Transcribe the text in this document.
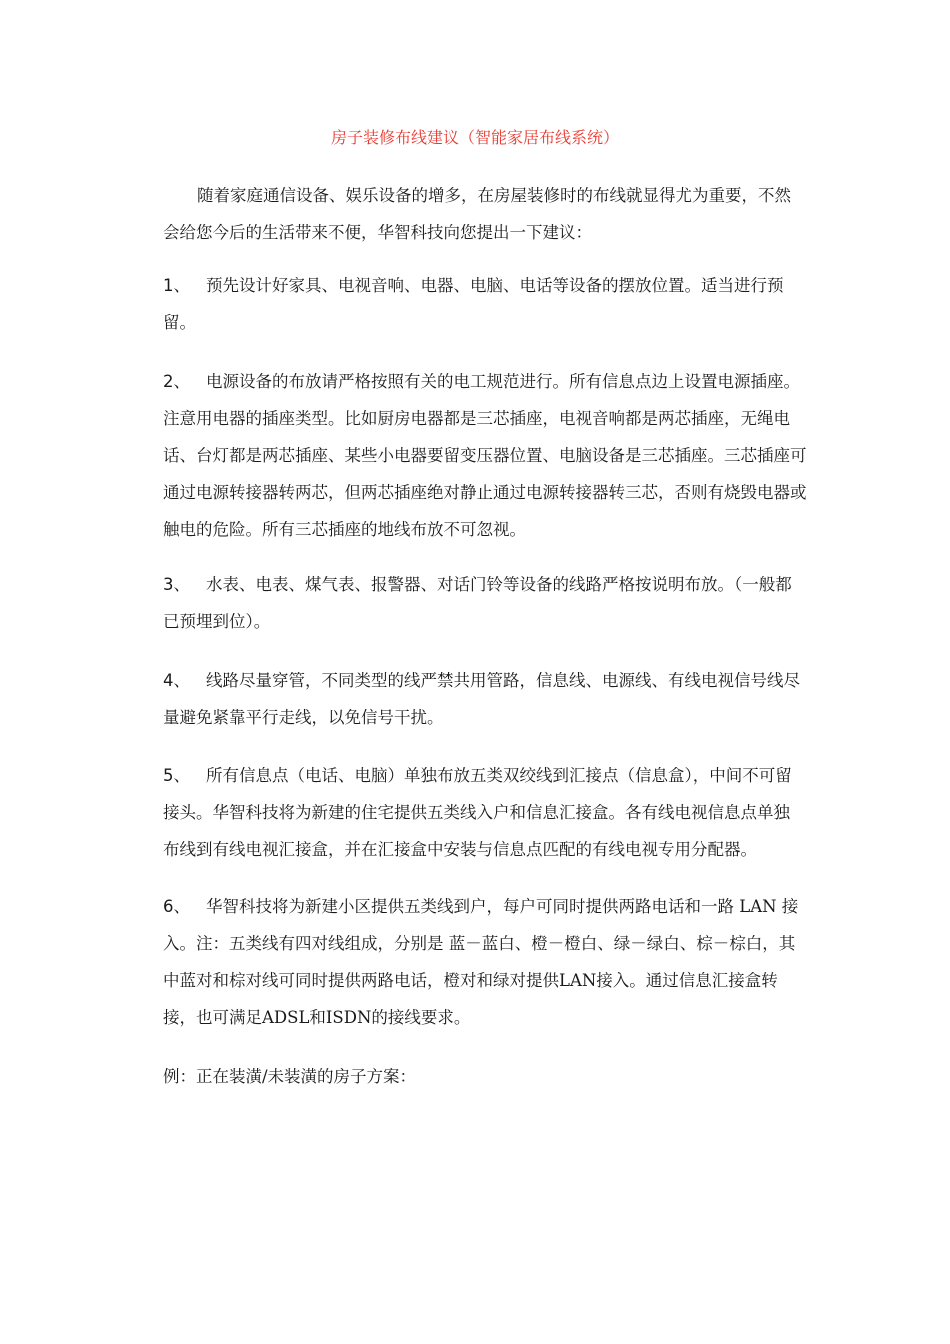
房子装修布线建议（智能家居布线系统）

随着家庭通信设备、娱乐设备的增多，在房屋装修时的布线就显得尤为重要，不然会给您今后的生活带来不便，华智科技向您提出一下建议：

1、 预先设计好家具、电视音响、电器、电脑、电话等设备的摆放位置。适当进行预留。

2、 电源设备的布放请严格按照有关的电工规范进行。所有信息点边上设置电源插座。注意用电器的插座类型。比如厨房电器都是三芯插座，电视音响都是两芯插座，无绳电话、台灯都是两芯插座、某些小电器要留变压器位置、电脑设备是三芯插座。三芯插座可通过电源转接器转两芯，但两芯插座绝对静止通过电源转接器转三芯，否则有烧毁电器或触电的危险。所有三芯插座的地线布放不可忽视。

3、 水表、电表、煤气表、报警器、对话门铃等设备的线路严格按说明布放。（一般都已预埋到位）。

4、 线路尽量穿管，不同类型的线严禁共用管路，信息线、电源线、有线电视信号线尽量避免紧靠平行走线，以免信号干扰。

5、 所有信息点（电话、电脑）单独布放五类双绞线到汇接点（信息盒），中间不可留接头。华智科技将为新建的住宅提供五类线入户和信息汇接盒。各有线电视信息点单独布线到有线电视汇接盒，并在汇接盒中安装与信息点匹配的有线电视专用分配器。

6、 华智科技将为新建小区提供五类线到户，每户可同时提供两路电话和一路 LAN 接入。注：五类线有四对线组成，分别是 蓝－蓝白、橙－橙白、绿－绿白、棕－棕白，其中蓝对和棕对线可同时提供两路电话，橙对和绿对提供LAN接入。通过信息汇接盒转接，也可满足ADSL和ISDN的接线要求。

例：正在装潢/未装潢的房子方案：
